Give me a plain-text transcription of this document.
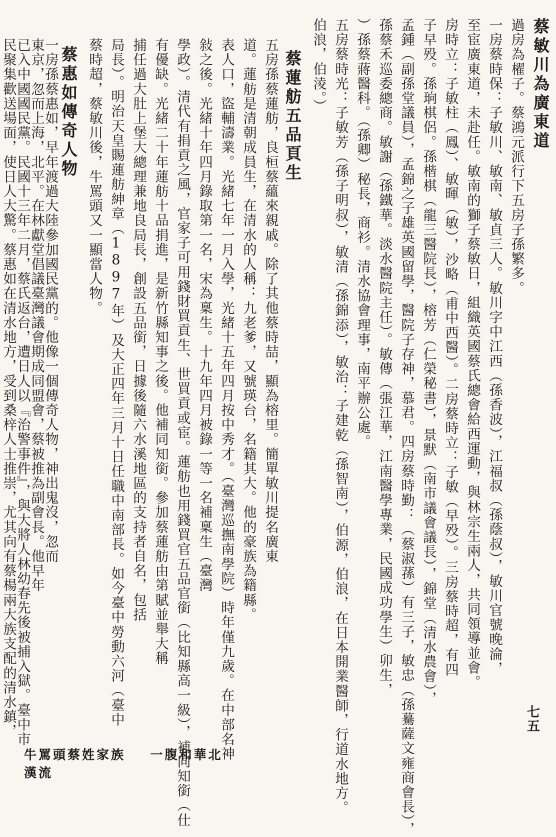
蔡敏川為廣東道
過房為櫂子。蔡鴻元派行下五房子孫繁多。
一房蔡時保：子敏川、敏南、敏貞三人。敏川字中江西（孫香波），江福叔（孫蔭叔），敏川官號晚淪，
至宦廣東道，未赴任。敏南的獅子蔡敏日，組織英國蔡氏總會給西運動，與林宗生兩人，共同領導並會。
房時立：子敏柱（鳳）、敏暉（敏），沙略（甫中西醫）。二房蔡時立：子敏（早殁）。三房蔡時超，有四
子早殁。孫珦棋侶。孫楷棋（龍三醫院長），榕芳（仁榮秘書），景默（南市議會議長），錦堂（清水農會），
孟鍾（副孫堂議員），孟錦之子雄英國留學，醫院子存神，慕君。四房蔡時勤：（蔡淑蓀）有三子，敏忠（孫驀薩文雍商會長），
孫蔡禾巡委總商。敏謝（孫鐵華。淡水醫院主任）。敏傳（張江華，江南醫學專業，民國成功學生）卯生，
）孫蔡蔣醫科。（孫卿）秘長，商衫。清水協會理事，南平辦公處。
五房蔡時光：子敏芳（孫子明叔），敏清（孫錦添），敏治：子建乾（孫智南），伯源，伯浪，在日本開業醫師，行道水地方。
伯浪，伯淩。）
蔡蓮舫五品頁生
五房孫蔡蓮舫，良桓蔡蘊來親戚。除了其他蔡時喆，顯為榕里。簡單敏川提名廣東
道。蓮舫是清朝成員生，在清水的人稱：九老爹，又號瑛台，名籍其大。他的豪族為籍縣。
表人口，盜輔濤業。光緒七年一月入學，光緒十五年四月按中秀才。（臺灣巡撫南學院）時年僅九歲。在中部名神
敍之後。光緒十年四月錄取第一名，宋為稟生。十九年四月被錄一等一名補稟生（臺灣
學政）。清代有捐貢之風，官家子可用錢財買貢生、世買貢或宦。蓮舫也用錢買官五品官銜（比知縣高一級），補同知銜（仕
有優缺。光緒二十年蓮舫十品捐進，是新竹縣知事之後。他補同知銜。參加蔡蓮舫由第賦並舉大稱
捕任過大肚上堡大總理兼地良局長，創設五品銜，日據後隨六水溪地區的支持者自名，包括
局長）。明治天皇賜蓮舫紳章（1897年）及大正四年三月十日任職中南部長。如今臺中勞動六河（臺中
蔡時超，蔡敏川後，牛罵頭又一顯當人物。
蔡惠如傳奇人物
一房孫蔡惠如，早年渡過大陸參加國民黨的。他像一個傳奇人物，神出鬼沒，忽而
東京，忽而上海，北平。在林獻堂倡議臺灣議會期成同盟會，蔡被推為副會長。他早年
已入中國國民黨。民國十三年二月，蔡氏返台，遭日人以『治警事件』，與大將人林幼春先後被捕入獄。臺中市
民聚集歡送場面，使日人大驚。蔡惠如在清水地方，受到桑梓人士推崇，尤其向有蔡楊兩大族支配的清水鎮，	七五
牛罵頭蔡姓家族 一腹和華北漢流
